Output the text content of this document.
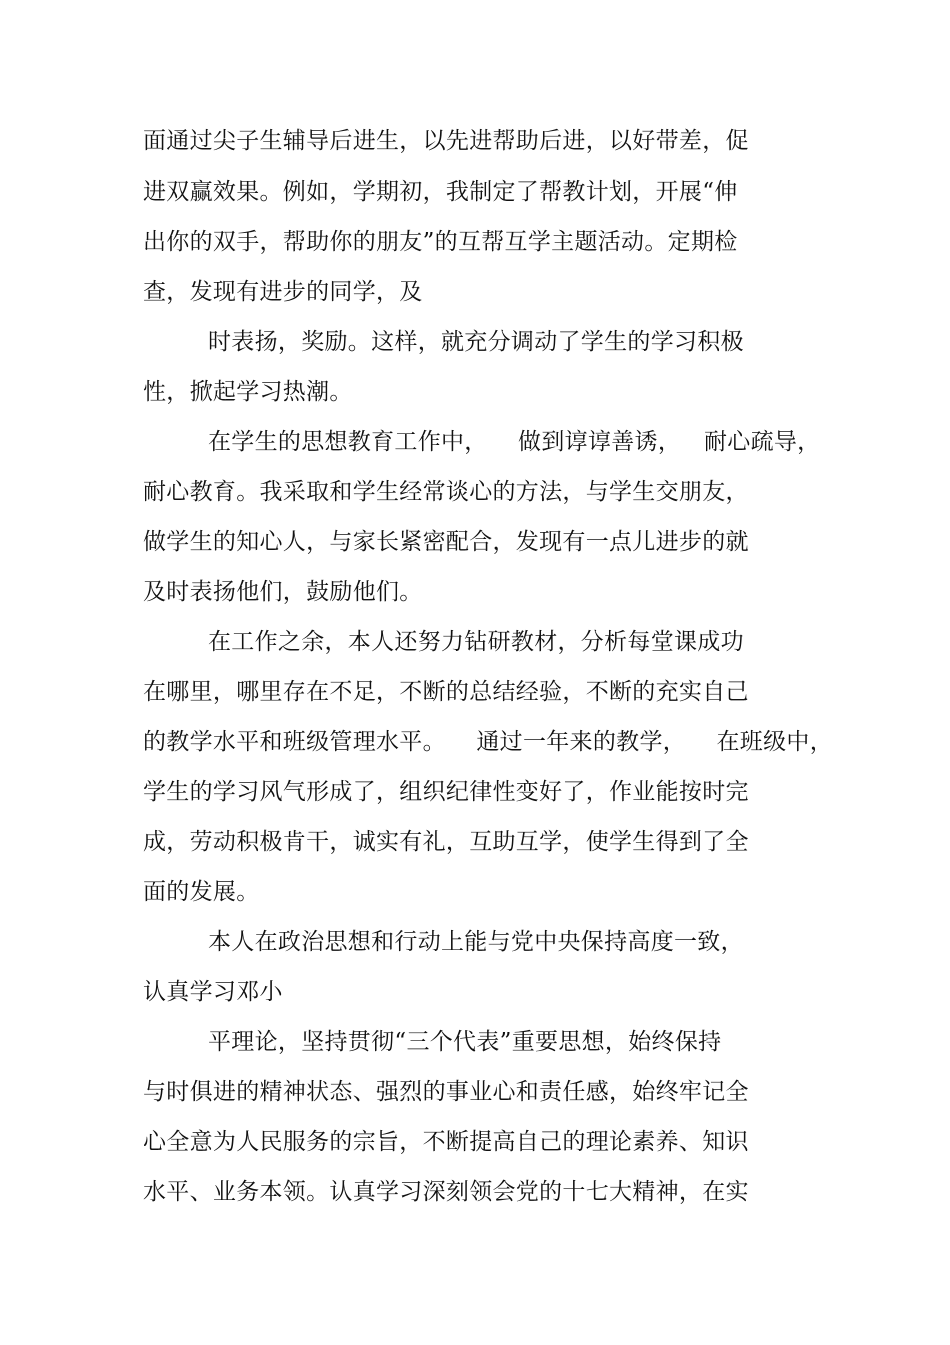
面通过尖子生辅导后进生，以先进帮助后进，以好带差，促
进双赢效果。例如，学期初，我制定了帮教计划，开展“伸
出你的双手，帮助你的朋友”的互帮互学主题活动。定期检
查，发现有进步的同学，及
时表扬，奖励。这样，就充分调动了学生的学习积极
性，掀起学习热潮。
在学生的思想教育工作中，    做到谆谆善诱，   耐心疏导，
耐心教育。我采取和学生经常谈心的方法，与学生交朋友，
做学生的知心人，与家长紧密配合，发现有一点儿进步的就
及时表扬他们，鼓励他们。
在工作之余，本人还努力钻研教材，分析每堂课成功
在哪里，哪里存在不足，不断的总结经验，不断的充实自己
的教学水平和班级管理水平。    通过一年来的教学，    在班级中，
学生的学习风气形成了，组织纪律性变好了，作业能按时完
成，劳动积极肯干，诚实有礼，互助互学，使学生得到了全
面的发展。
本人在政治思想和行动上能与党中央保持高度一致，
认真学习邓小
平理论，坚持贯彻“三个代表”重要思想，始终保持
与时俱进的精神状态、强烈的事业心和责任感，始终牢记全
心全意为人民服务的宗旨，不断提高自己的理论素养、知识
水平、业务本领。认真学习深刻领会党的十七大精神，在实
